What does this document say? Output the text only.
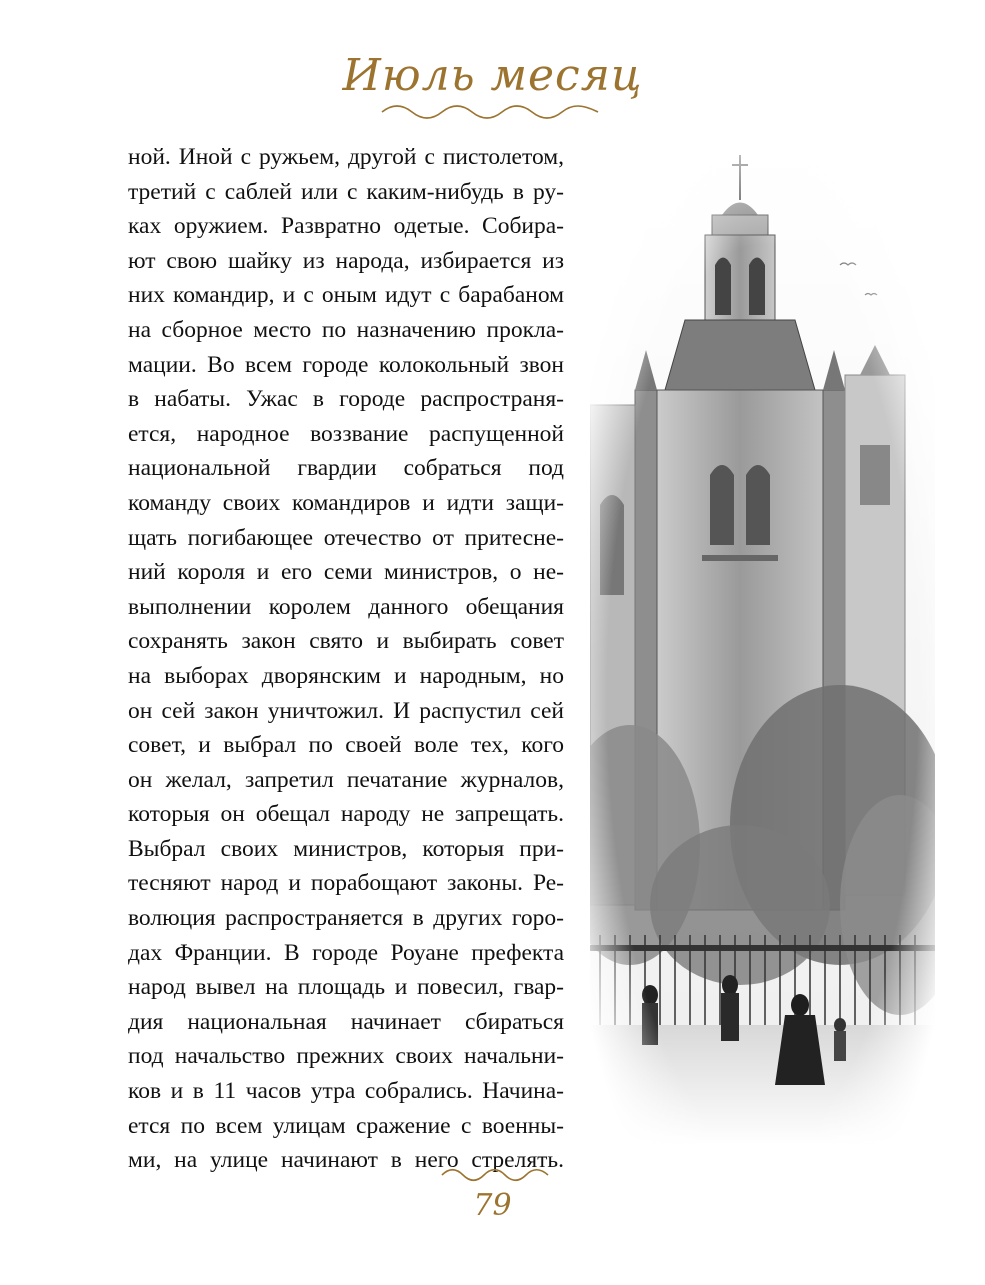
Июль месяц
ной. Иной с ружьем, другой с пистолетом,
третий с саблей или с каким-нибудь в ру-
ках оружием. Развратно одетые. Собира-
ют свою шайку из народа, избирается из
них командир, и с оным идут с барабаном
на сборное место по назначению прокла-
мации. Во всем городе колокольный звон
в набаты. Ужас в городе распространя-
ется, народное воззвание распущенной
национальной гвардии собраться под
команду своих командиров и идти защи-
щать погибающее отечество от притесне-
ний короля и его семи министров, о не-
выполнении королем данного обещания
сохранять закон свято и выбирать совет
на выборах дворянским и народным, но
он сей закон уничтожил. И распустил сей
совет, и выбрал по своей воле тех, кого
он желал, запретил печатание журналов,
которыя он обещал народу не запрещать.
Выбрал своих министров, которыя при-
тесняют народ и порабощают законы. Ре-
волюция распространяется в других горо-
дах Франции. В городе Роуане префекта
народ вывел на площадь и повесил, гвар-
дия национальная начинает сбираться
под начальство прежних своих начальни-
ков и в 11 часов утра собрались. Начина-
ется по всем улицам сражение с военны-
ми, на улице начинают в него стрелять.
79
